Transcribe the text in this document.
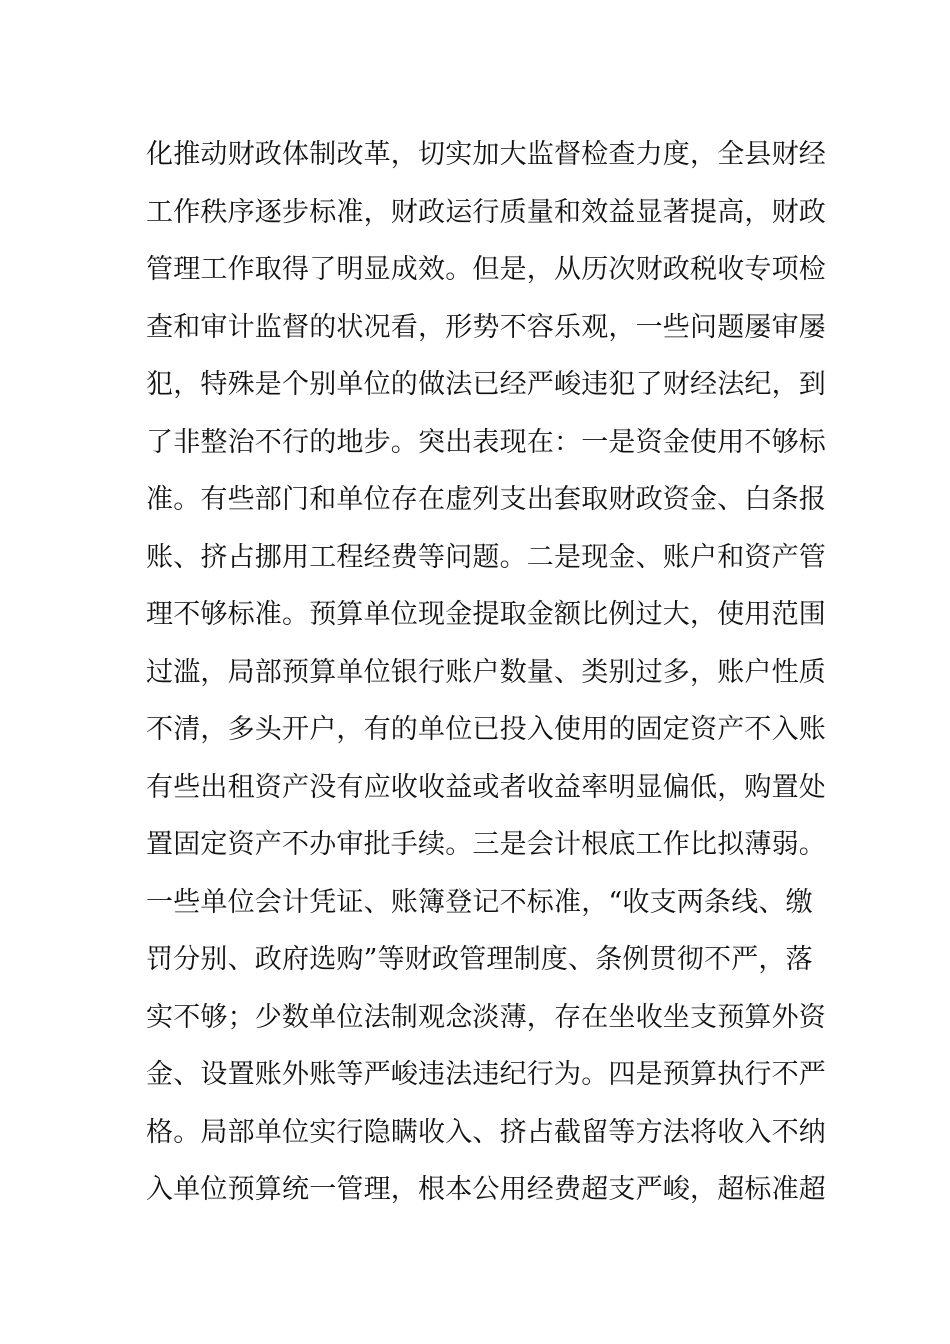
化推动财政体制改革，切实加大监督检查力度，全县财经
工作秩序逐步标准，财政运行质量和效益显著提高，财政
管理工作取得了明显成效。但是，从历次财政税收专项检
查和审计监督的状况看，形势不容乐观，一些问题屡审屡
犯，特殊是个别单位的做法已经严峻违犯了财经法纪，到
了非整治不行的地步。突出表现在：一是资金使用不够标
准。有些部门和单位存在虚列支出套取财政资金、白条报
账、挤占挪用工程经费等问题。二是现金、账户和资产管
理不够标准。预算单位现金提取金额比例过大，使用范围
过滥，局部预算单位银行账户数量、类别过多，账户性质
不清，多头开户，有的单位已投入使用的固定资产不入账
有些出租资产没有应收收益或者收益率明显偏低，购置处
置固定资产不办审批手续。三是会计根底工作比拟薄弱。
一些单位会计凭证、账簿登记不标准，“收支两条线、缴
罚分别、政府选购”等财政管理制度、条例贯彻不严，落
实不够；少数单位法制观念淡薄，存在坐收坐支预算外资
金、设置账外账等严峻违法违纪行为。四是预算执行不严
格。局部单位实行隐瞒收入、挤占截留等方法将收入不纳
入单位预算统一管理，根本公用经费超支严峻，超标准超
